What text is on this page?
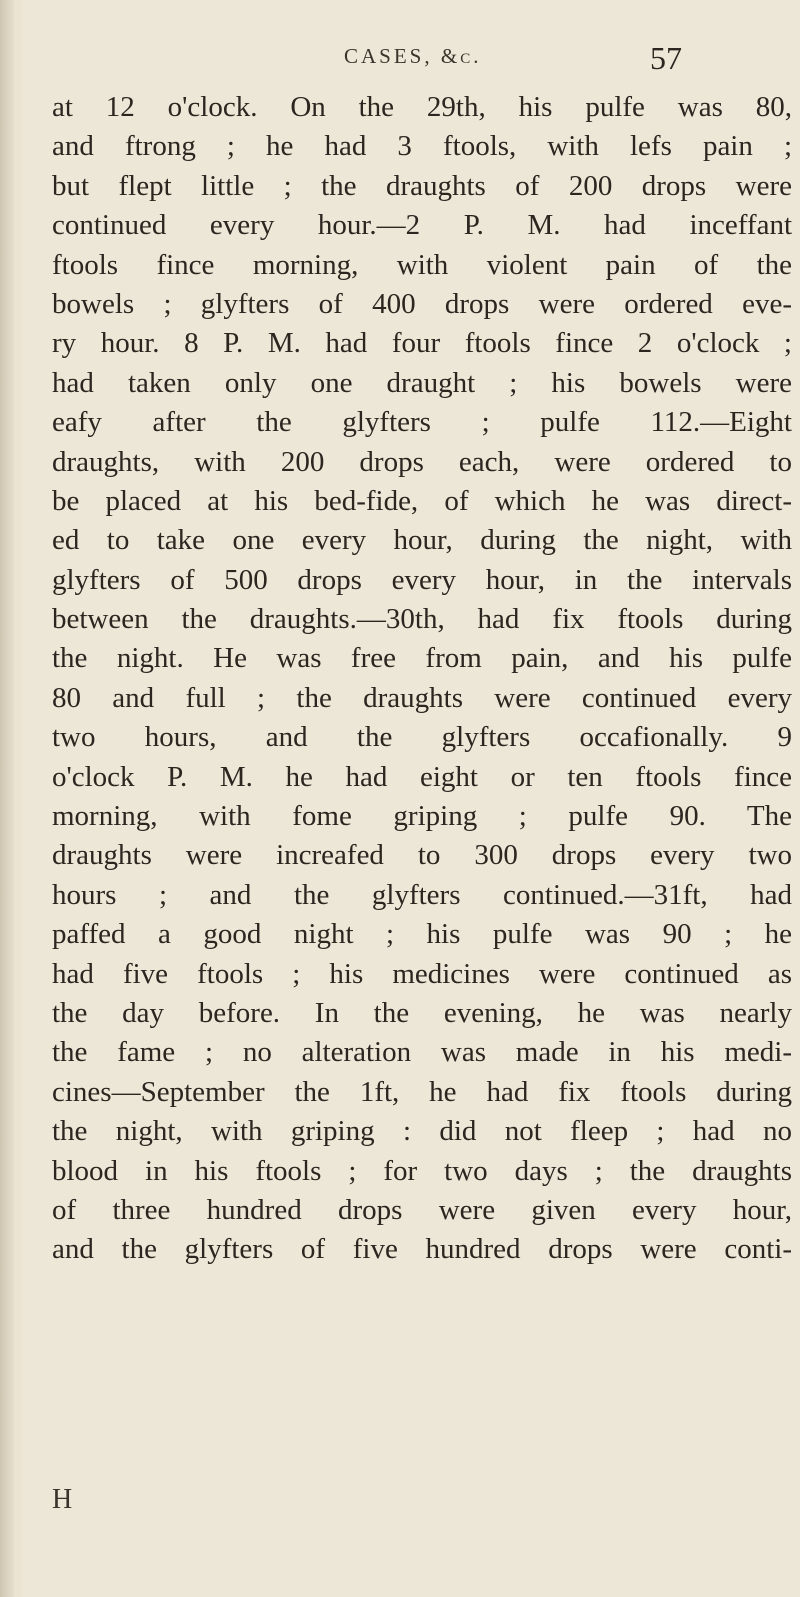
CASES, &c.	57
at 12 o'clock. On the 29th, his pulfe was 80,
and ftrong ; he had 3 ftools, with lefs pain ;
but flept little ; the draughts of 200 drops were
continued every hour.—2 P. M. had inceffant
ftools fince morning, with violent pain of the
bowels ; glyfters of 400 drops were ordered eve-
ry hour. 8 P. M. had four ftools fince 2 o'clock ;
had taken only one draught ; his bowels were
eafy after the glyfters ; pulfe 112.—Eight
draughts, with 200 drops each, were ordered to
be placed at his bed-fide, of which he was direct-
ed to take one every hour, during the night, with
glyfters of 500 drops every hour, in the intervals
between the draughts.—30th, had fix ftools during
the night. He was free from pain, and his pulfe
80 and full ; the draughts were continued every
two hours, and the glyfters occafionally. 9
o'clock P. M. he had eight or ten ftools fince
morning, with fome griping ; pulfe 90. The
draughts were increafed to 300 drops every two
hours ; and the glyfters continued.—31ft, had
paffed a good night ; his pulfe was 90 ; he
had five ftools ; his medicines were continued as
the day before. In the evening, he was nearly
the fame ; no alteration was made in his medi-
cines—September the 1ft, he had fix ftools during
the night, with griping : did not fleep ; had no
blood in his ftools ; for two days ; the draughts
of three hundred drops were given every hour,
and the glyfters of five hundred drops were conti-
H
